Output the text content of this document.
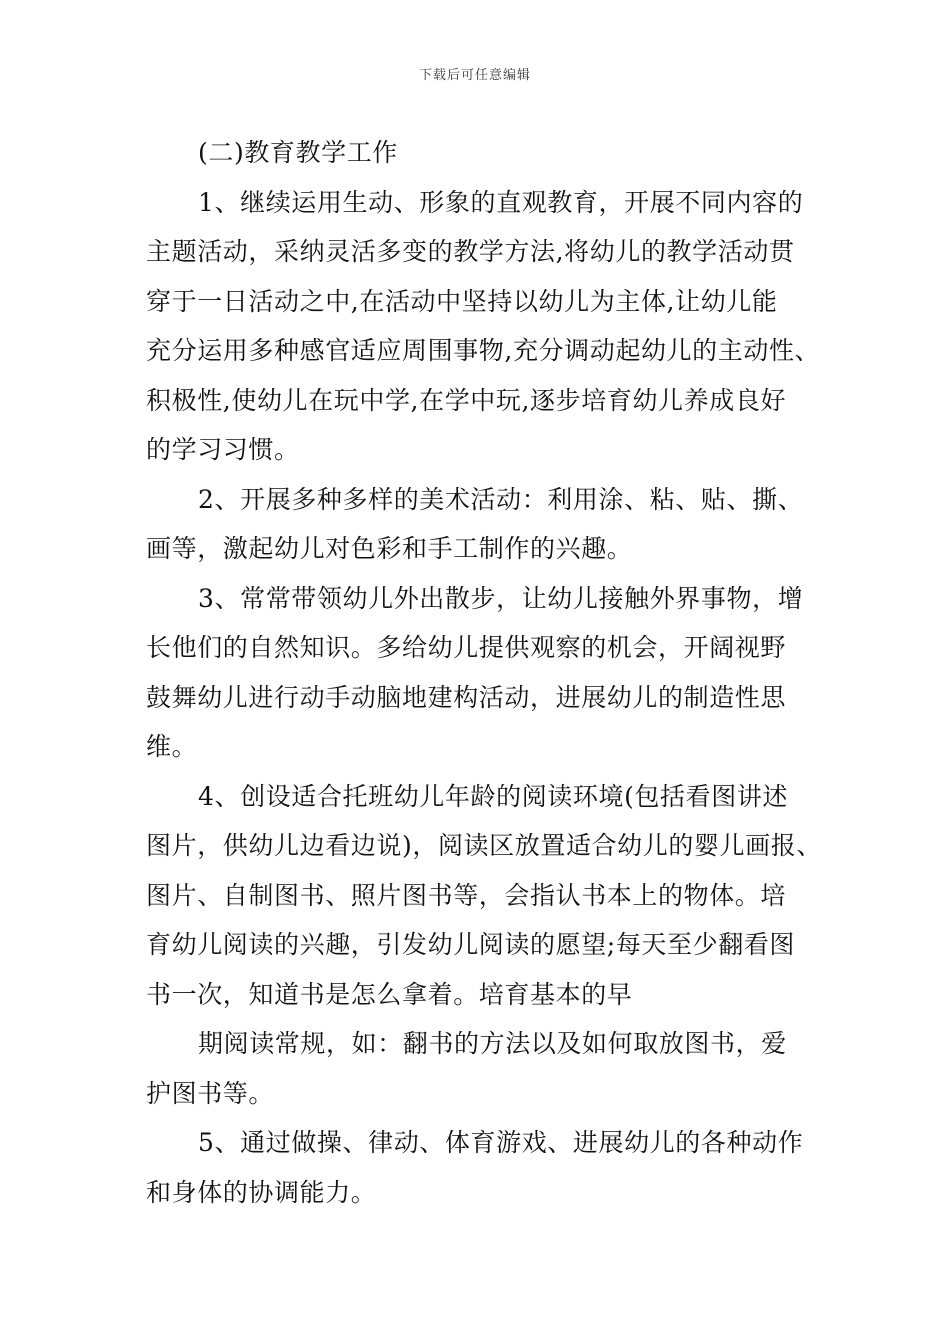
下载后可任意编辑
(二)教育教学工作
1、继续运用生动、形象的直观教育，开展不同内容的
主题活动，采纳灵活多变的教学方法,将幼儿的教学活动贯
穿于一日活动之中,在活动中坚持以幼儿为主体,让幼儿能
充分运用多种感官适应周围事物,充分调动起幼儿的主动性、
积极性,使幼儿在玩中学,在学中玩,逐步培育幼儿养成良好
的学习习惯。
2、开展多种多样的美术活动：利用涂、粘、贴、撕、
画等，激起幼儿对色彩和手工制作的兴趣。
3、常常带领幼儿外出散步，让幼儿接触外界事物，增
长他们的自然知识。多给幼儿提供观察的机会，开阔视野
鼓舞幼儿进行动手动脑地建构活动，进展幼儿的制造性思
维。
4、创设适合托班幼儿年龄的阅读环境(包括看图讲述
图片，供幼儿边看边说)，阅读区放置适合幼儿的婴儿画报、
图片、自制图书、照片图书等，会指认书本上的物体。培
育幼儿阅读的兴趣，引发幼儿阅读的愿望;每天至少翻看图
书一次，知道书是怎么拿着。培育基本的早
期阅读常规，如：翻书的方法以及如何取放图书，爱
护图书等。
5、通过做操、律动、体育游戏、进展幼儿的各种动作
和身体的协调能力。
